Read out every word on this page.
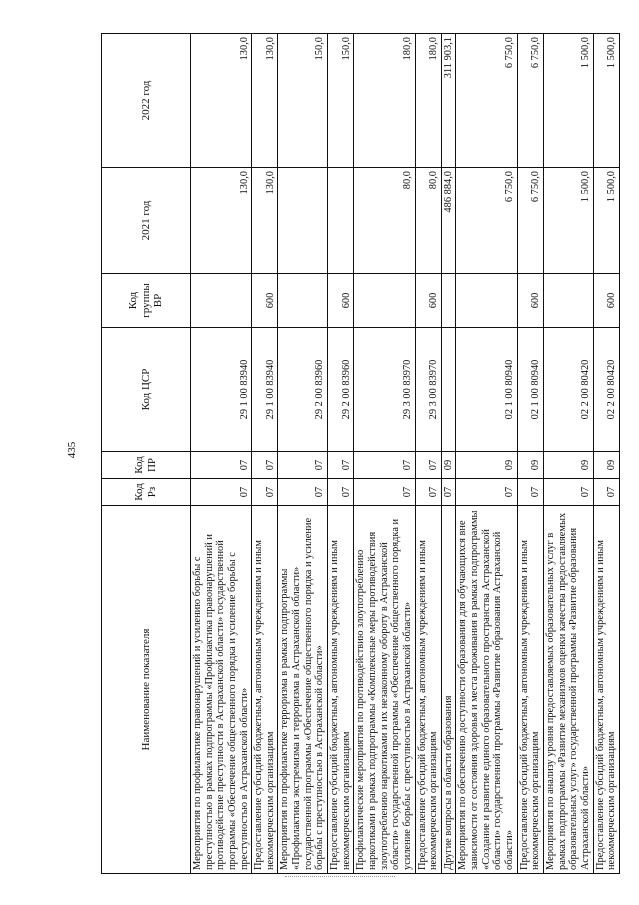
435
Наименование показателя	Код Рз	Код ПР	Код ЦСР	Код группы ВР	2021 год	2022 год
Мероприятия по профилактике правонарушений и усилению борьбы с преступностью в рамках подпрограммы «Профилактика правонарушений и противодействие преступности в Астраханской области» государственной программы «Обеспечение общественного порядка и усиление борьбы с преступностью в Астраханской области»	07	07	29 1 00 83940		130,0	130,0
Предоставление субсидий бюджетным, автономным учреждениям и иным некоммерческим организациям	07	07	29 1 00 83940	600	130,0	130,0
Мероприятия по профилактике терроризма в рамках подпрограммы «Профилактика экстремизма и терроризма в Астраханской области» государственной программы «Обеспечение общественного порядка и усиление борьбы с преступностью в Астраханской области»	07	07	29 2 00 83960			150,0
Предоставление субсидий бюджетным, автономным учреждениям и иным некоммерческим организациям	07	07	29 2 00 83960	600		150,0
Профилактические мероприятия по противодействию злоупотреблению наркотиками в рамках подпрограммы «Комплексные меры противодействия злоупотреблению наркотиками и их незаконному обороту в Астраханской области» государственной программы «Обеспечение общественного порядка и усиление борьбы с преступностью в Астраханской области»	07	07	29 3 00 83970		80,0	180,0
Предоставление субсидий бюджетным, автономным учреждениям и иным некоммерческим организациям	07	07	29 3 00 83970	600	80,0	180,0
Другие вопросы в области образования	07	09			486 884,0	311 903,1
Мероприятия по обеспечению доступности образования для обучающихся вне зависимости от состояния здоровья и места проживания в рамках подпрограммы «Создание и развитие единого образовательного пространства Астраханской области» государственной программы «Развитие образования Астраханской области»	07	09	02 1 00 80940		6 750,0	6 750,0
Предоставление субсидий бюджетным, автономным учреждениям и иным некоммерческим организациям	07	09	02 1 00 80940	600	6 750,0	6 750,0
Мероприятия по анализу уровня предоставляемых образовательных услуг в рамках подпрограммы «Развитие механизмов оценки качества предоставляемых образовательных услуг» государственной программы «Развитие образования Астраханской области»	07	09	02 2 00 80420		1 500,0	1 500,0
Предоставление субсидий бюджетным, автономным учреждениям и иным некоммерческим организациям	07	09	02 2 00 80420	600	1 500,0	1 500,0
